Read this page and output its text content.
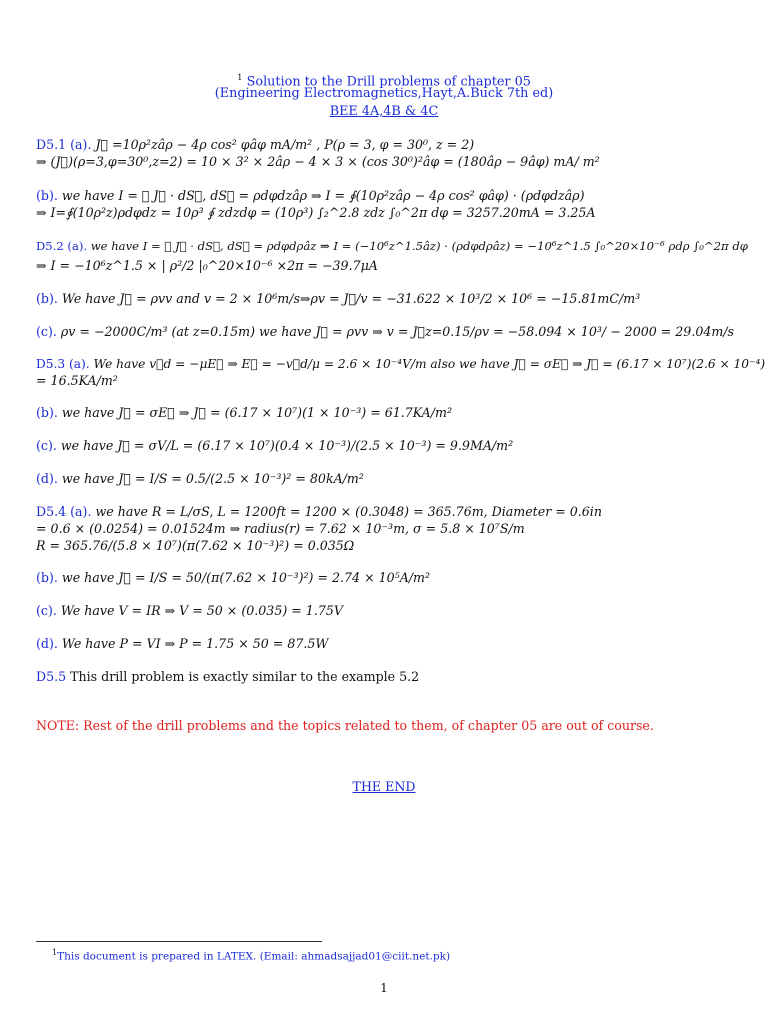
$^1$ Solution to the Drill problems of chapter 05
(Engineering Electromagnetics,Hayt,A.Buck 7th ed)
BEE 4A,4B & 4C
D5.1 (a). J⃗ =10ρ²zâρ − 4ρ cos² φâφ mA/m² , P(ρ = 3, φ = 30⁰, z = 2)
⇒ (J⃗)(ρ=3,φ=30⁰,z=2) = 10 × 3² × 2âρ − 4 × 3 × (cos 30⁰)²âφ = (180âρ − 9âφ) mA/ m²
(b). we have I = ∮ J⃗ · dS⃗, dS⃗ = ρdφdzâρ ⇒ I = ∮(10ρ²zâρ − 4ρ cos² φâφ) · (ρdφdzâρ)
⇒ I=∮(10ρ²z)ρdφdz = 10ρ³ ∮ zdzdφ = (10ρ³) ∫₂^2.8 zdz ∫₀^2π dφ = 3257.20mA = 3.25A
D5.2 (a). we have I = ∮ J⃗ · dS⃗, dS⃗ = ρdφdρâz ⇒ I = (−10⁶z^1.5âz) · (ρdφdρâz) = −10⁶z^1.5 ∫₀^20×10⁻⁶ ρdρ ∫₀^2π dφ
⇒ I = −10⁶z^1.5 × | ρ²/2 |₀^20×10⁻⁶ ×2π = −39.7μA
(b). We have J⃗ = ρvv and v = 2 × 10⁶m/s⇒ρv = J⃗/v = −31.622 × 10³/2 × 10⁶ = −15.81mC/m³
(c). ρv = −2000C/m³ (at z=0.15m) we have J⃗ = ρvv ⇒ v = J⃗z=0.15/ρv = −58.094 × 10³/ − 2000 = 29.04m/s
D5.3 (a). We have v⃗d = −μE⃗ ⇒ E⃗ = −v⃗d/μ = 2.6 × 10⁻⁴V/m also we have J⃗ = σE⃗ ⇒ J⃗ = (6.17 × 10⁷)(2.6 × 10⁻⁴)
= 16.5KA/m²
(b). we have J⃗ = σE⃗ ⇒ J⃗ = (6.17 × 10⁷)(1 × 10⁻³) = 61.7KA/m²
(c). we have J⃗ = σV/L = (6.17 × 10⁷)(0.4 × 10⁻³)/(2.5 × 10⁻³) = 9.9MA/m²
(d). we have J⃗ = I/S = 0.5/(2.5 × 10⁻³)² = 80kA/m²
D5.4 (a). we have R = L/σS, L = 1200ft = 1200 × (0.3048) = 365.76m, Diameter = 0.6in
= 0.6 × (0.0254) = 0.01524m ⇒ radius(r) = 7.62 × 10⁻³m, σ = 5.8 × 10⁷S/m
R = 365.76/(5.8 × 10⁷)(π(7.62 × 10⁻³)²) = 0.035Ω
(b). we have J⃗ = I/S = 50/(π(7.62 × 10⁻³)²) = 2.74 × 10⁵A/m²
(c). We have V = IR ⇒ V = 50 × (0.035) = 1.75V
(d). We have P = VI ⇒ P = 1.75 × 50 = 87.5W
D5.5 This drill problem is exactly similar to the example 5.2
NOTE: Rest of the drill problems and the topics related to them, of chapter 05 are out of course.
THE END
$^1$This document is prepared in LATEX. (Email: ahmadsajjad01@ciit.net.pk)
1
